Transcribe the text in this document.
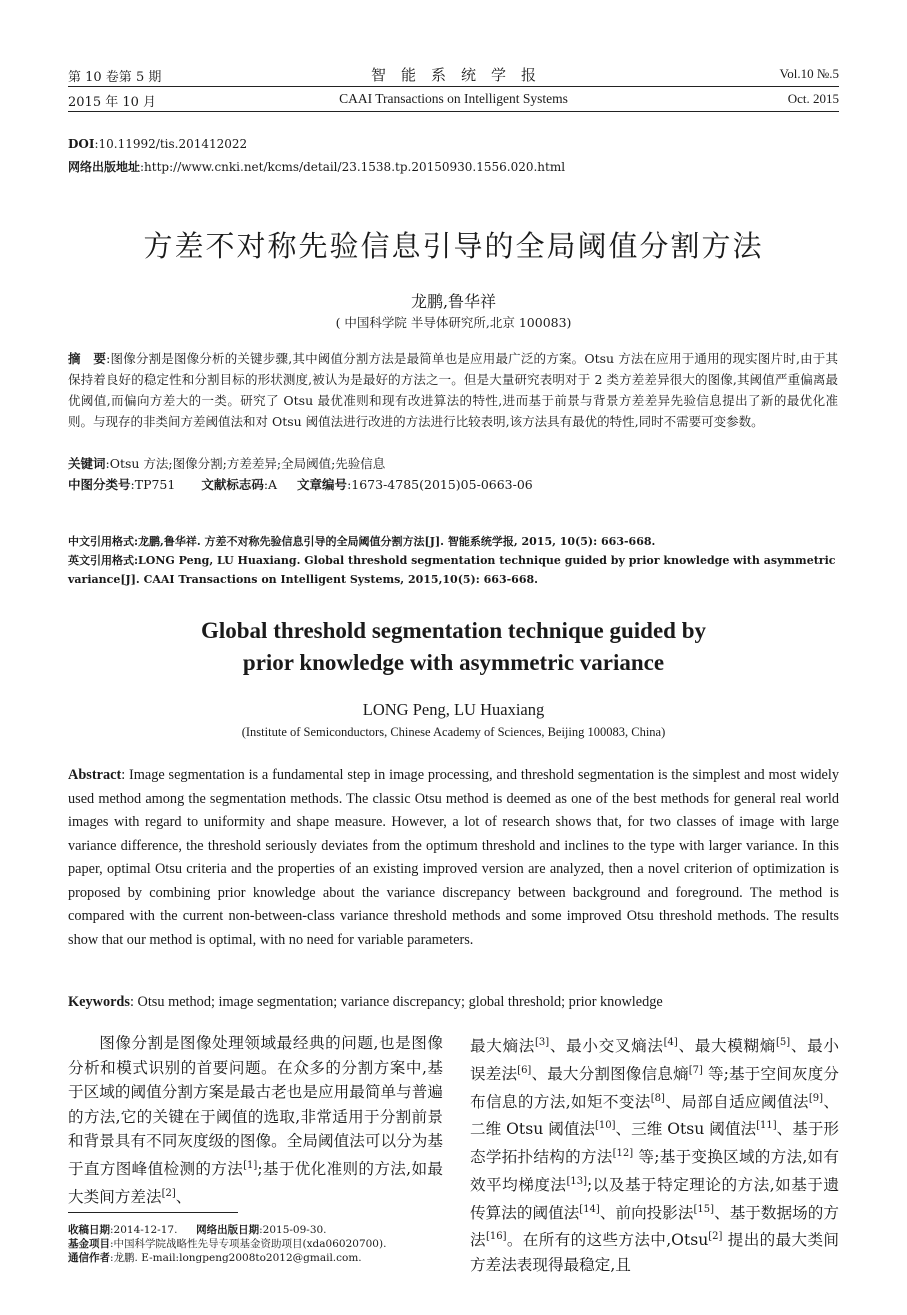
第 10 卷第 5 期
2015 年 10 月
智　能　系　统　学　报
CAAI Transactions on Intelligent Systems
Vol.10 №.5
Oct. 2015
DOI:10.11992/tis.201412022
网络出版地址:http://www.cnki.net/kcms/detail/23.1538.tp.20150930.1556.020.html
方差不对称先验信息引导的全局阈值分割方法
龙鹏,鲁华祥
( 中国科学院 半导体研究所,北京 100083)
摘　要:图像分割是图像分析的关键步骤,其中阈值分割方法是最简单也是应用最广泛的方案。Otsu 方法在应用于通用的现实图片时,由于其保持着良好的稳定性和分割目标的形状测度,被认为是最好的方法之一。但是大量研究表明对于 2 类方差差异很大的图像,其阈值严重偏离最优阈值,而偏向方差大的一类。研究了 Otsu 最优准则和现有改进算法的特性,进而基于前景与背景方差差异先验信息提出了新的最优化准则。与现存的非类间方差阈值法和对 Otsu 阈值法进行改进的方法进行比较表明,该方法具有最优的特性,同时不需要可变参数。
关键词:Otsu 方法;图像分割;方差差异;全局阈值;先验信息
中图分类号:TP751 文献标志码:A 文章编号:1673-4785(2015)05-0663-06
中文引用格式:龙鹏,鲁华祥. 方差不对称先验信息引导的全局阈值分割方法[J]. 智能系统学报, 2015, 10(5): 663-668.
英文引用格式:LONG Peng, LU Huaxiang. Global threshold segmentation technique guided by prior knowledge with asymmetric variance[J]. CAAI Transactions on Intelligent Systems, 2015,10(5): 663-668.
Global threshold segmentation technique guided by
prior knowledge with asymmetric variance
LONG Peng, LU Huaxiang
(Institute of Semiconductors, Chinese Academy of Sciences, Beijing 100083, China)
Abstract: Image segmentation is a fundamental step in image processing, and threshold segmentation is the simplest and most widely used method among the segmentation methods. The classic Otsu method is deemed as one of the best methods for general real world images with regard to uniformity and shape measure. However, a lot of research shows that, for two classes of image with large variance difference, the threshold seriously deviates from the optimum threshold and inclines to the type with larger variance. In this paper, optimal Otsu criteria and the properties of an existing improved version are analyzed, then a novel criterion of optimization is proposed by combining prior knowledge about the variance discrepancy between background and foreground. The method is compared with the current non-between-class variance threshold methods and some improved Otsu threshold methods. The results show that our method is optimal, with no need for variable parameters.
Keywords: Otsu method; image segmentation; variance discrepancy; global threshold; prior knowledge
图像分割是图像处理领域最经典的问题,也是图像分析和模式识别的首要问题。在众多的分割方案中,基于区域的阈值分割方案是最古老也是应用最简单与普遍的方法,它的关键在于阈值的选取,非常适用于分割前景和背景具有不同灰度级的图像。全局阈值法可以分为基于直方图峰值检测的方法[1];基于优化准则的方法,如最大类间方差法[2]、
最大熵法[3]、最小交叉熵法[4]、最大模糊熵[5]、最小误差法[6]、最大分割图像信息熵[7] 等;基于空间灰度分布信息的方法,如矩不变法[8]、局部自适应阈值法[9]、二维 Otsu 阈值法[10]、三维 Otsu 阈值法[11]、基于形态学拓扑结构的方法[12] 等;基于变换区域的方法,如有效平均梯度法[13];以及基于特定理论的方法,如基于遗传算法的阈值法[14]、前向投影法[15]、基于数据场的方法[16]。在所有的这些方法中,Otsu[2] 提出的最大类间方差法表现得最稳定,且
收稿日期:2014-12-17. 网络出版日期:2015-09-30.
基金项目:中国科学院战略性先导专项基金资助项目(xda06020700).
通信作者:龙鹏. E-mail:longpeng2008to2012@gmail.com.
